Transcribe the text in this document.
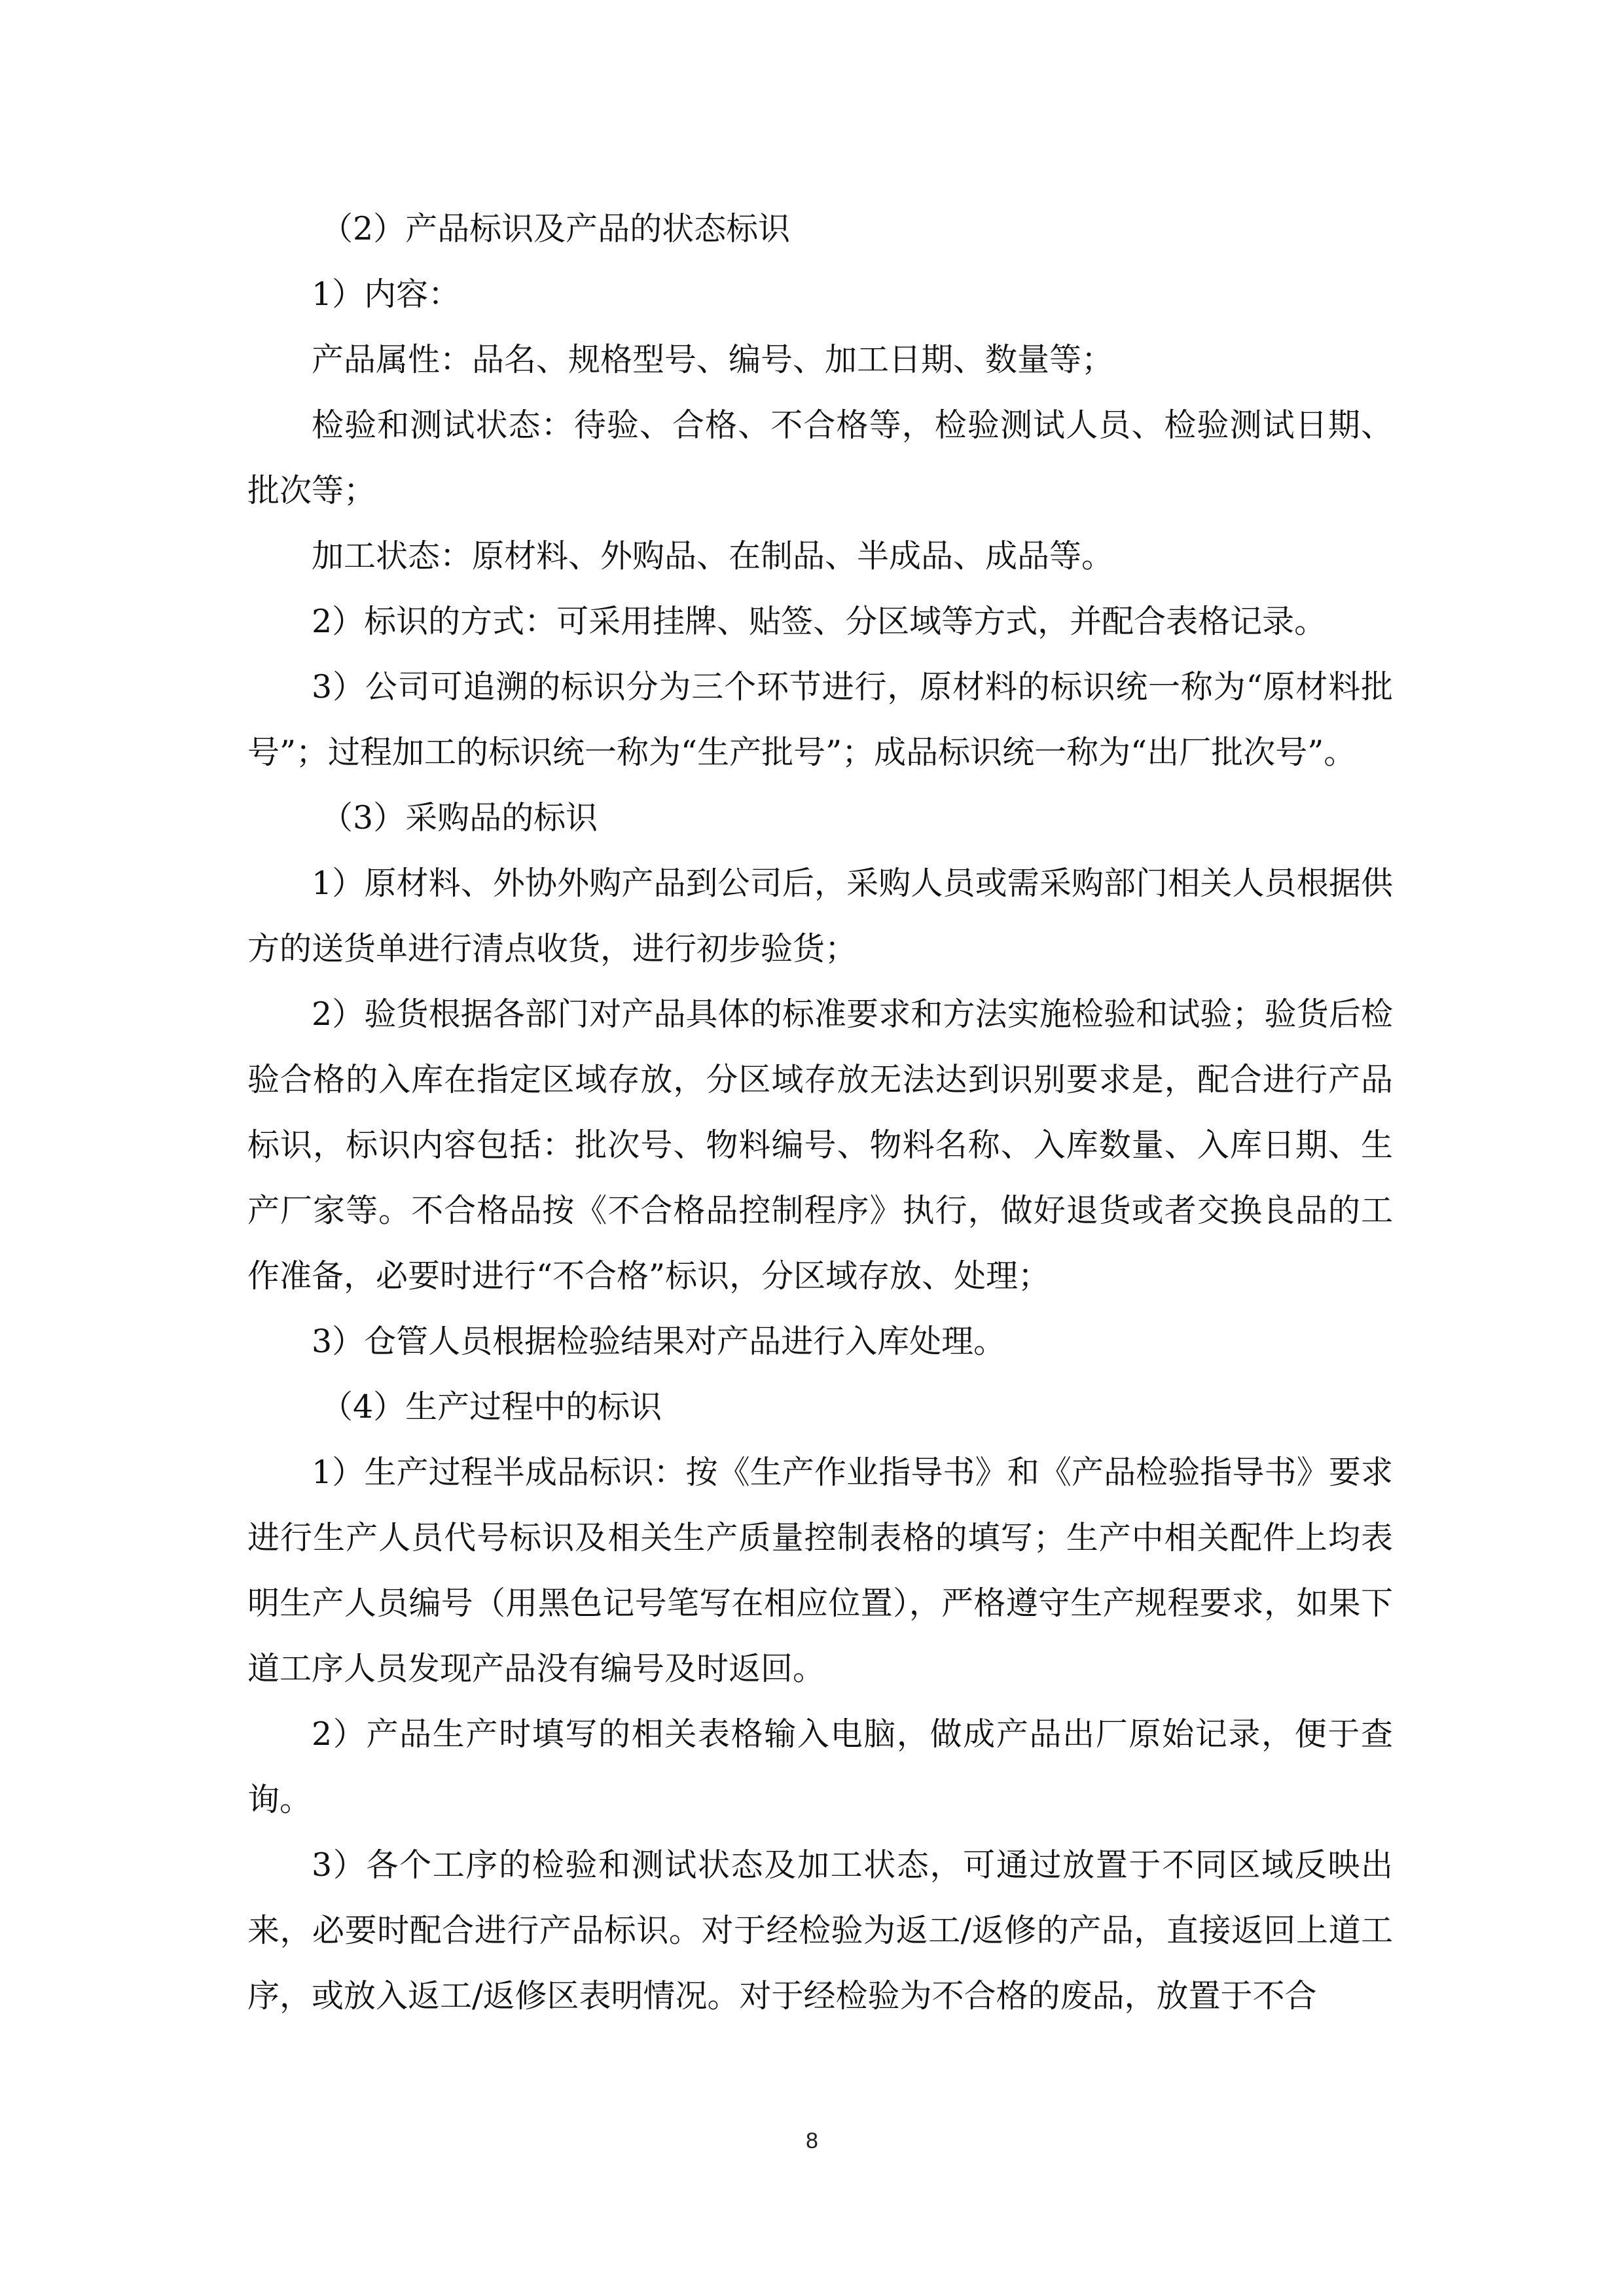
（2）产品标识及产品的状态标识

1）内容：

产品属性：品名、规格型号、编号、加工日期、数量等；

检验和测试状态：待验、合格、不合格等，检验测试人员、检验测试日期、批次等；

加工状态：原材料、外购品、在制品、半成品、成品等。

2）标识的方式：可采用挂牌、贴签、分区域等方式，并配合表格记录。

3）公司可追溯的标识分为三个环节进行，原材料的标识统一称为“原材料批号”；过程加工的标识统一称为“生产批号”；成品标识统一称为“出厂批次号”。

（3）采购品的标识

1）原材料、外协外购产品到公司后，采购人员或需采购部门相关人员根据供方的送货单进行清点收货，进行初步验货；

2）验货根据各部门对产品具体的标准要求和方法实施检验和试验；验货后检验合格的入库在指定区域存放，分区域存放无法达到识别要求是，配合进行产品标识，标识内容包括：批次号、物料编号、物料名称、入库数量、入库日期、生产厂家等。不合格品按《不合格品控制程序》执行，做好退货或者交换良品的工作准备，必要时进行“不合格”标识，分区域存放、处理；

3）仓管人员根据检验结果对产品进行入库处理。

（4）生产过程中的标识

1）生产过程半成品标识：按《生产作业指导书》和《产品检验指导书》要求进行生产人员代号标识及相关生产质量控制表格的填写；生产中相关配件上均表明生产人员编号（用黑色记号笔写在相应位置），严格遵守生产规程要求，如果下道工序人员发现产品没有编号及时返回。

2）产品生产时填写的相关表格输入电脑，做成产品出厂原始记录，便于查询。

3）各个工序的检验和测试状态及加工状态，可通过放置于不同区域反映出来，必要时配合进行产品标识。对于经检验为返工/返修的产品，直接返回上道工序，或放入返工/返修区表明情况。对于经检验为不合格的废品，放置于不合

8
